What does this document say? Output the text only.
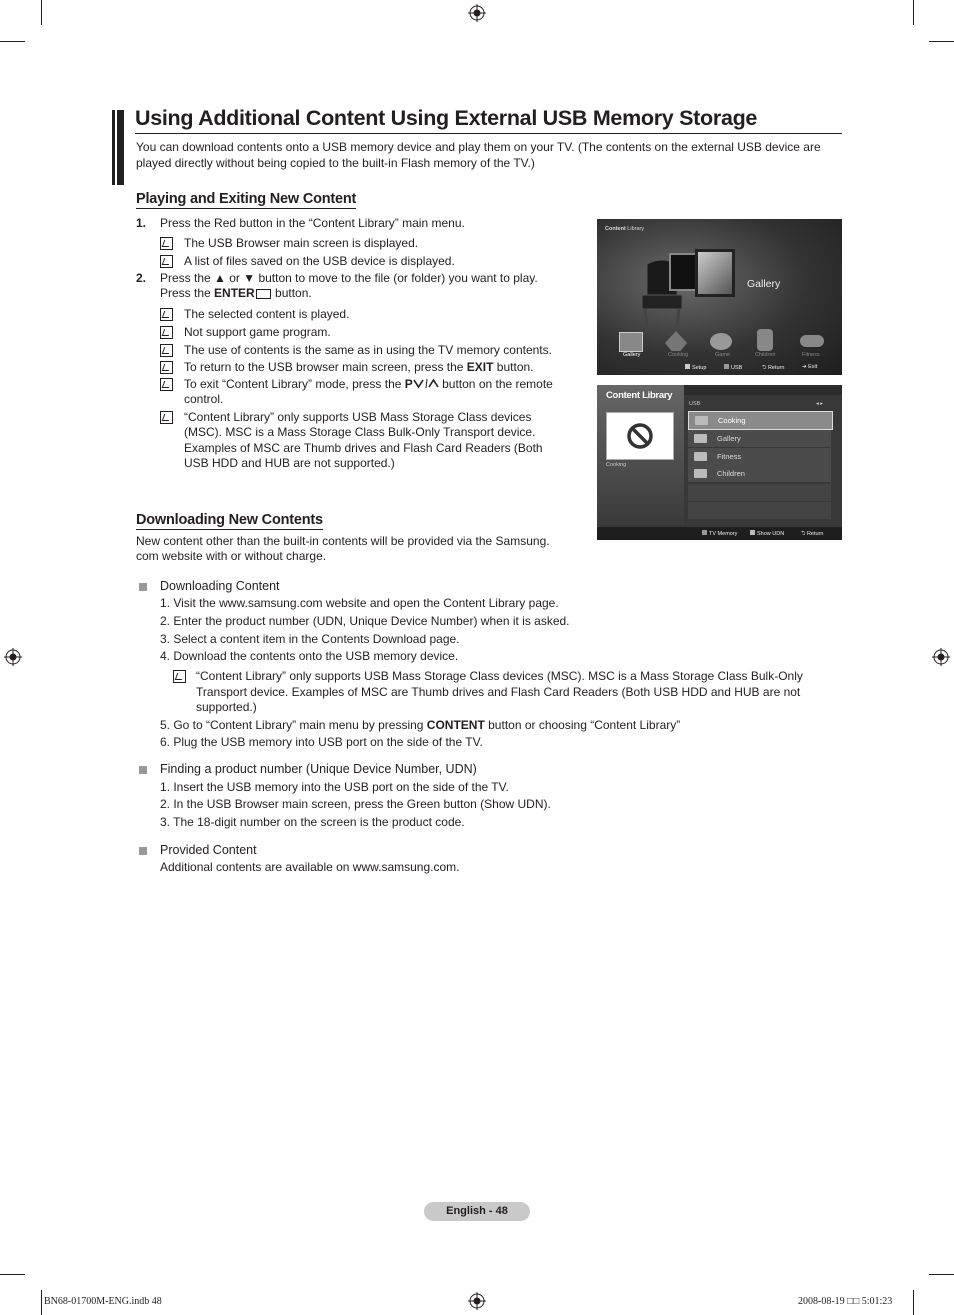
Using Additional Content Using External USB Memory Storage
You can download contents onto a USB memory device and play them on your TV. (The contents on the external USB device are
played directly without being copied to the built-in Flash memory of the TV.)
Playing and Exiting New Content
1. Press the Red button in the “Content Library” main menu.
The USB Browser main screen is displayed.
A list of files saved on the USB device is displayed.
2. Press the ▲ or ▼ button to move to the file (or folder) you want to play.
Press the ENTER button.
The selected content is played.
Not support game program.
The use of contents is the same as in using the TV memory contents.
To return to the USB browser main screen, press the EXIT button.
To exit “Content Library” mode, press the P button on the remote
control.
“Content Library” only supports USB Mass Storage Class devices
(MSC). MSC is a Mass Storage Class Bulk-Only Transport device.
Examples of MSC are Thumb drives and Flash Card Readers (Both
USB HDD and HUB are not supported.)
Content Library
Gallery
Gallery	Cooking	Game	Children	Fitness
Setup	USB	⮌ Return	➜ Exit
Content Library
Cooking
USB	◂ ▸
Cooking
Gallery
Fitness
Children
TV Memory	Show UDN	⮌ Return
Downloading New Contents
New content other than the built-in contents will be provided via the Samsung.
com website with or without charge.
Downloading Content
1. Visit the www.samsung.com website and open the Content Library page.
2. Enter the product number (UDN, Unique Device Number) when it is asked.
3. Select a content item in the Contents Download page.
4. Download the contents onto the USB memory device.
“Content Library” only supports USB Mass Storage Class devices (MSC). MSC is a Mass Storage Class Bulk-Only
Transport device. Examples of MSC are Thumb drives and Flash Card Readers (Both USB HDD and HUB are not
supported.)
5. Go to “Content Library” main menu by pressing CONTENT button or choosing “Content Library”
6. Plug the USB memory into USB port on the side of the TV.
Finding a product number (Unique Device Number, UDN)
1. Insert the USB memory into the USB port on the side of the TV.
2. In the USB Browser main screen, press the Green button (Show UDN).
3. The 18-digit number on the screen is the product code.
Provided Content
Additional contents are available on www.samsung.com.
English - 48
BN68-01700M-ENG.indb 48	2008-08-19 □□ 5:01:23
